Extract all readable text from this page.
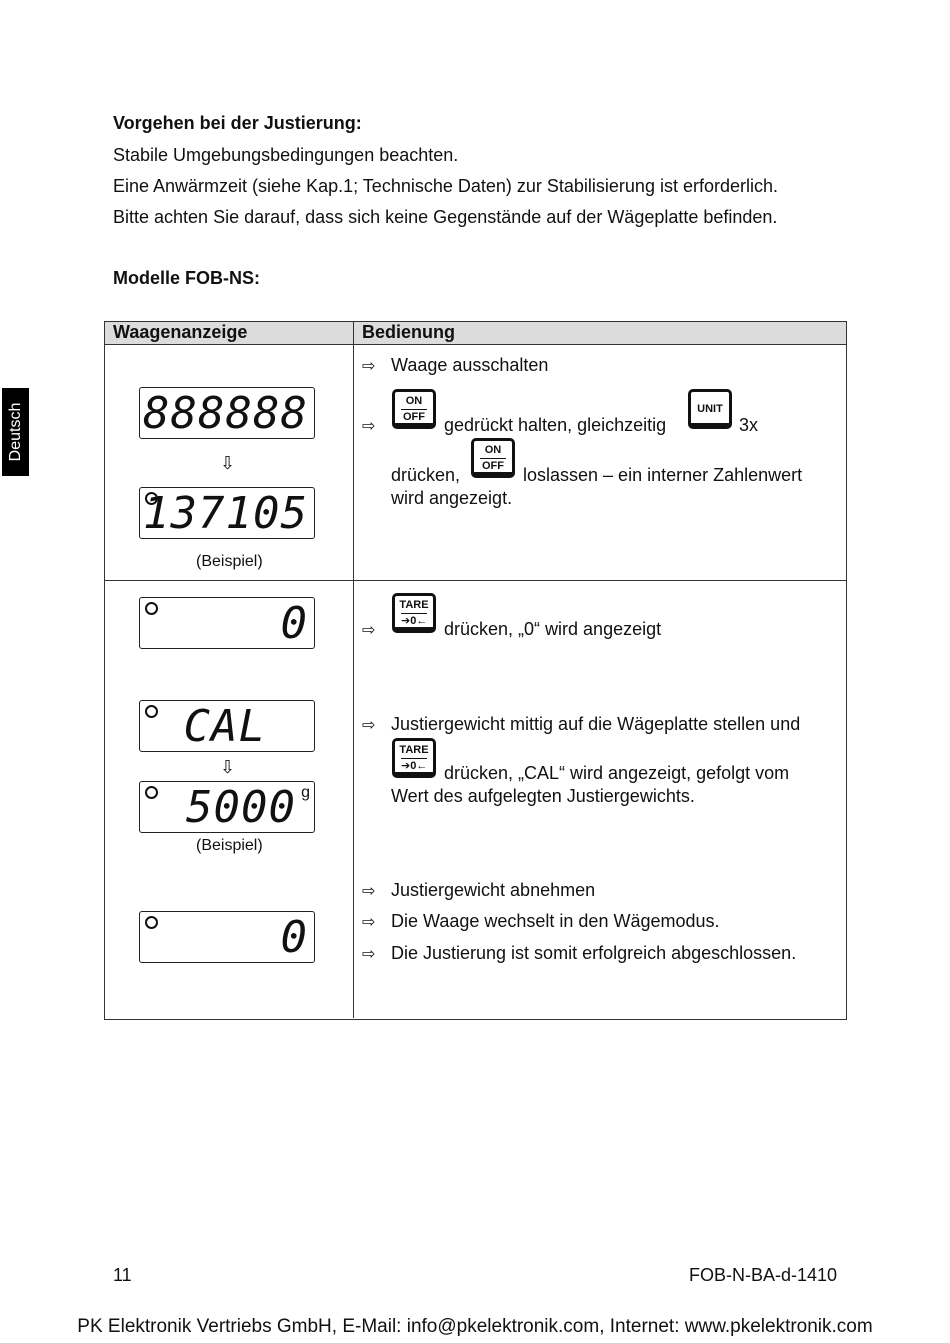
Deutsch
Vorgehen bei der Justierung:
Stabile Umgebungsbedingungen beachten.
Eine Anwärmzeit (siehe Kap.1; Technische Daten) zur Stabilisierung ist erforderlich.
Bitte achten Sie darauf, dass sich keine Gegenstände auf der Wägeplatte befinden.
Modelle FOB-NS:
Waagenanzeige	Bedienung
888888
⇩
137105
(Beispiel)
⇨ Waage ausschalten
⇨
ON
OFF gedrückt halten, gleichzeitig
UNIT
3x
drücken,
ON
OFF loslassen – ein interner Zahlenwert
wird angezeigt.
0
CAL
⇩
5000 g
(Beispiel)
0
⇨
TARE
➔0← drücken, „0“ wird angezeigt
⇨ Justiergewicht mittig auf die Wägeplatte stellen und
TARE
➔0← drücken, „CAL“ wird angezeigt, gefolgt vom
Wert des aufgelegten Justiergewichts.
⇨ Justiergewicht abnehmen
⇨ Die Waage wechselt in den Wägemodus.
⇨ Die Justierung ist somit erfolgreich abgeschlossen.
11	FOB-N-BA-d-1410
PK Elektronik Vertriebs GmbH, E-Mail: info@pkelektronik.com, Internet: www.pkelektronik.com
